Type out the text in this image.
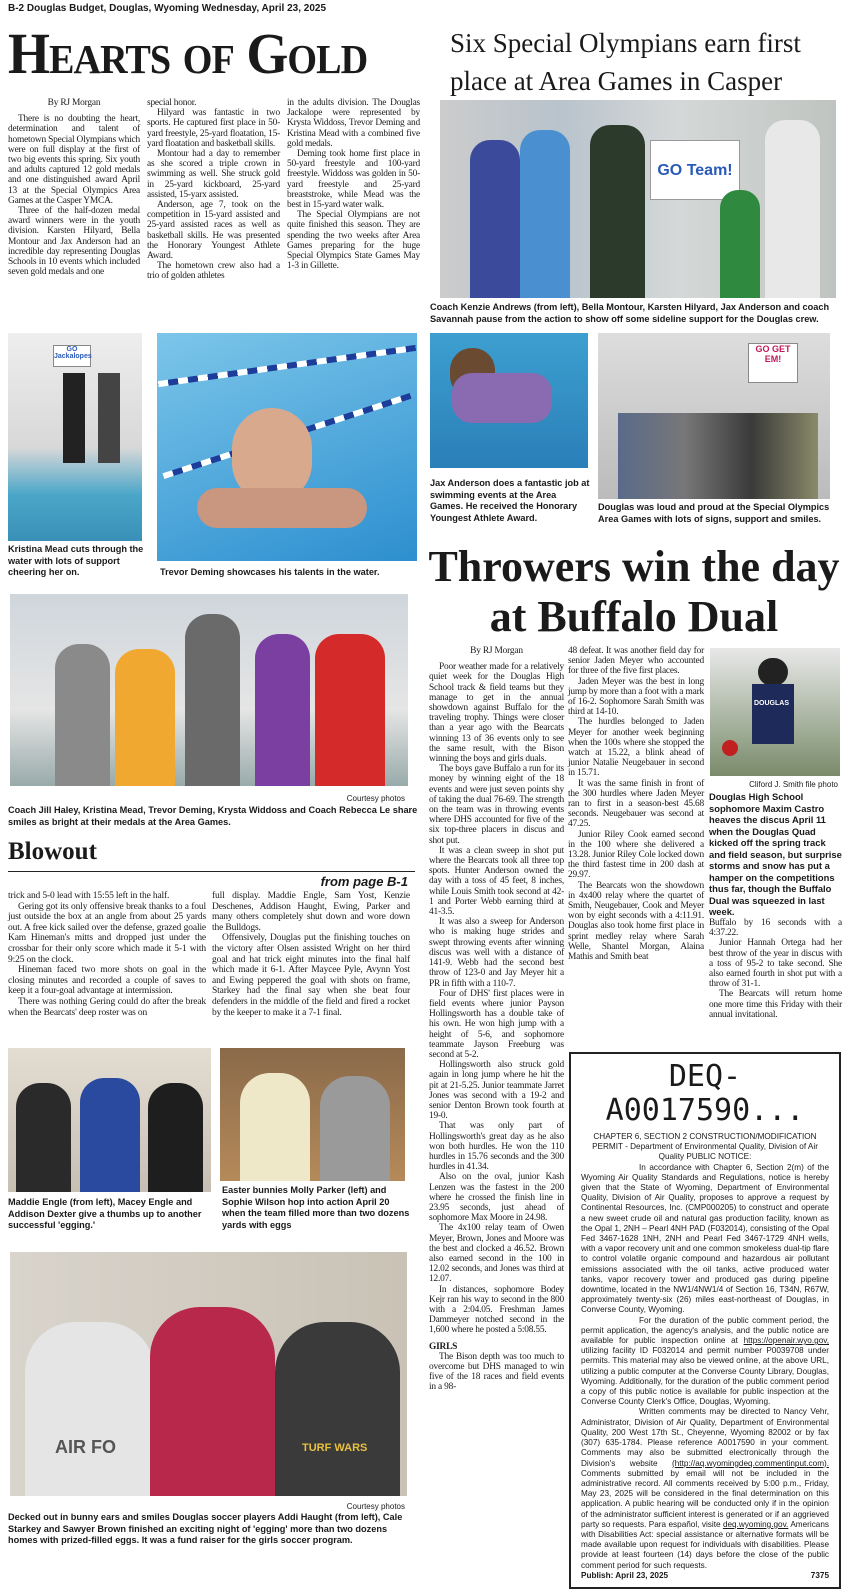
B-2 Douglas Budget, Douglas, Wyoming Wednesday, April 23, 2025
Hearts of Gold	Six Special Olympians earn first place at Area Games in Casper

By RJ Morgan

There is no doubting the heart, determination and talent of hometown Special Olympians which were on full display at the first of two big events this spring. Six youth and adults captured 12 gold medals and one distinguished award April 13 at the Special Olympics Area Games at the Casper YMCA.

Three of the half-dozen medal award winners were in the youth division. Karsten Hilyard, Bella Montour and Jax Anderson had an incredible day representing Douglas Schools in 10 events which included seven gold medals and one

special honor.

Hilyard was fantastic in two sports. He captured first place in 50-yard freestyle, 25-yard floatation, 15-yard floatation and basketball skills.

Montour had a day to remember as she scored a triple crown in swimming as well. She struck gold in 25-yard kickboard, 25-yard assisted, 15-yarx assisted.

Anderson, age 7, took on the competition in 15-yard assisted and 25-yard assisted races as well as basketball skills. He was presented the Honorary Youngest Athlete Award.

The hometown crew also had a trio of golden athletes

in the adults division. The Douglas Jackalope were represented by Krysta Widdoss, Trevor Deming and Kristina Mead with a combined five gold medals.

Deming took home first place in 50-yard freestyle and 100-yard freestyle. Widdoss was golden in 50-yard freestyle and 25-yard breaststroke, while Mead was the best in 15-yard water walk.

The Special Olympians are not quite finished this season. They are spending the two weeks after Area Games preparing for the huge Special Olympics State Games May 1-3 in Gillette.

GO Team!
Coach Kenzie Andrews (from left), Bella Montour, Karsten Hilyard, Jax Anderson and coach Savannah pause from the action to show off some sideline support for the Douglas crew.
GO Jackalopes
Kristina Mead cuts through the water with lots of support cheering her on.	Trevor Deming showcases his talents in the water.
Jax Anderson does a fantastic job at swimming events at the Area Games. He received the Honorary Youngest Athlete Award.
GO GET EM!
Douglas was loud and proud at the Special Olympics Area Games with lots of signs, support and smiles.
Courtesy photos
Coach Jill Haley, Kristina Mead, Trevor Deming, Krysta Widdoss and Coach Rebecca Le share smiles as bright at their medals at the Area Games.
Blowout
from page B-1

trick and 5-0 lead with 15:55 left in the half.

Gering got its only offensive break thanks to a foul just outside the box at an angle from about 25 yards out. A free kick sailed over the defense, grazed goalie Kam Hineman's mitts and dropped just under the crossbar for their only score which made it 5-1 with 9:25 on the clock.

Hineman faced two more shots on goal in the closing minutes and recorded a couple of saves to keep it a four-goal advantage at intermission.

There was nothing Gering could do after the break when the Bearcats' deep roster was on

full display. Maddie Engle, Sam Yost, Kenzie Deschenes, Addison Haught, Ewing, Parker and many others completely shut down and wore down the Bulldogs.

Offensively, Douglas put the finishing touches on the victory after Olsen assisted Wright on her third goal and hat trick eight minutes into the final half which made it 6-1. After Maycee Pyle, Avynn Yost and Ewing peppered the goal with shots on frame, Starkey had the final say when she beat four defenders in the middle of the field and fired a rocket by the keeper to make it a 7-1 final.

Maddie Engle (from left), Macey Engle and Addison Dexter give a thumbs up to another successful 'egging.'
Easter bunnies Molly Parker (left) and Sophie Wilson hop into action April 20 when the team filled more than two dozens yards with eggs
AIR FO	TURF WARS
Courtesy photos
Decked out in bunny ears and smiles Douglas soccer players Addi Haught (from left), Cale Starkey and Sawyer Brown finished an exciting night of 'egging' more than two dozens homes with prized-filled eggs. It was a fund raiser for the girls soccer program.
Throwers win the day at Buffalo Dual

By RJ Morgan

Poor weather made for a relatively quiet week for the Douglas High School track & field teams but they manage to get in the annual showdown against Buffalo for the traveling trophy. Things were closer than a year ago with the Bearcats winning 13 of 36 events only to see the same result, with the Bison winning the boys and girls duals.

The boys gave Buffalo a run for its money by winning eight of the 18 events and were just seven points shy of taking the dual 76-69. The strength on the team was in throwing events where DHS accounted for five of the six top-three placers in discus and shot put.

It was a clean sweep in shot put where the Bearcats took all three top spots. Hunter Anderson owned the day with a toss of 45 feet, 8 inches, while Louis Smith took second at 42-1 and Porter Webb earning third at 41-3.5.

It was also a sweep for Anderson who is making huge strides and swept throwing events after winning discus was well with a distance of 141-9. Webb had the second best throw of 123-0 and Jay Meyer hit a PR in fifth with a 110-7.

Four of DHS' first places were in field events where junior Payson Hollingsworth has a double take of his own. He won high jump with a height of 5-6, and sophomore teammate Jayson Freeburg was second at 5-2.

Hollingsworth also struck gold again in long jump where he hit the pit at 21-5.25. Junior teammate Jarret Jones was second with a 19-2 and senior Denton Brown took fourth at 19-0.

That was only part of Hollingsworth's great day as he also won both hurdles. He won the 110 hurdles in 15.76 seconds and the 300 hurdles in 41.34.

Also on the oval, junior Kash Lenzen was the fastest in the 200 where he crossed the finish line in 23.95 seconds, just ahead of sophomore Max Moore in 24.98.

The 4x100 relay team of Owen Meyer, Brown, Jones and Moore was the best and clocked a 46.52. Brown also earned second in the 100 in 12.02 seconds, and Jones was third at 12.07.

In distances, sophomore Bodey Kejr ran his way to second in the 800 with a 2:04.05. Freshman James Dammeyer notched second in the 1,600 where he posted a 5:08.55.

GIRLS

The Bison depth was too much to overcome but DHS managed to win five of the 18 races and field events in a 98-

48 defeat. It was another field day for senior Jaden Meyer who accounted for three of the five first places.

Jaden Meyer was the best in long jump by more than a foot with a mark of 16-2. Sophomore Sarah Smith was third at 14-10.

The hurdles belonged to Jaden Meyer for another week beginning when the 100s where she stopped the watch at 15.22, a blink ahead of junior Natalie Neugebauer in second in 15.71.

It was the same finish in front of the 300 hurdles where Jaden Meyer ran to first in a season-best 45.68 seconds. Neugebauer was second at 47.25.

Junior Riley Cook earned second in the 100 where she delivered a 13.28. Junior Riley Cole locked down the third fastest time in 200 dash at 29.97.

The Bearcats won the showdown in 4x400 relay where the quartet of Smith, Neugebauer, Cook and Meyer won by eight seconds with a 4:11.91. Douglas also took home first place in sprint medley relay where Sarah Welle, Shantel Morgan, Alaina Mathis and Smith beat

DOUGLAS
Cliford J. Smith file photo
Douglas High School sophomore Maxim Castro heaves the discus April 11 when the Douglas Quad kicked off the spring track and field season, but surprise storms and snow has put a hamper on the competitions thus far, though the Buffalo Dual was squeezed in last week.

Buffalo by 16 seconds with a 4:37.22.

Junior Hannah Ortega had her best throw of the year in discus with a toss of 95-2 to take second. She also earned fourth in shot put with a throw of 31-1.

The Bearcats will return home one more time this Friday with their annual invitational.

DEQ-A0017590...

CHAPTER 6, SECTION 2 CONSTRUCTION/MODIFICATION PERMIT - Department of Environmental Quality, Division of Air Quality PUBLIC NOTICE:

In accordance with Chapter 6, Section 2(m) of the Wyoming Air Quality Standards and Regulations, notice is hereby given that the State of Wyoming, Department of Environmental Quality, Division of Air Quality, proposes to approve a request by Continental Resources, Inc. (CMP000205) to construct and operate a new sweet crude oil and natural gas production facility, known as the Opal 1, 2NH – Pearl 4NH PAD (F032014), consisting of the Opal Fed 3467-1628 1NH, 2NH and Pearl Fed 3467-1729 4NH wells, with a vapor recovery unit and one common smokeless dual-tip flare to control volatile organic compound and hazardous air pollutant emissions associated with the oil tanks, active produced water tanks, vapor recovery tower and produced gas during pipeline downtime, located in the NW1/4NW1/4 of Section 16, T34N, R67W, approximately twenty-six (26) miles east-northeast of Douglas, in Converse County, Wyoming.

For the duration of the public comment period, the permit application, the agency's analysis, and the public notice are available for public inspection online at https://openair.wyo.gov, utilizing facility ID F032014 and permit number P0039708 under permits. This material may also be viewed online, at the above URL, utilizing a public computer at the Converse County Library, Douglas, Wyoming. Additionally, for the duration of the public comment period a copy of this public notice is available for public inspection at the Converse County Clerk's Office, Douglas, Wyoming.

Written comments may be directed to Nancy Vehr, Administrator, Division of Air Quality, Department of Environmental Quality, 200 West 17th St., Cheyenne, Wyoming 82002 or by fax (307) 635-1784. Please reference A0017590 in your comment. Comments may also be submitted electronically through the Division's website (http://aq.wyomingdeq.commentinput.com). Comments submitted by email will not be included in the administrative record. All comments received by 5:00 p.m., Friday, May 23, 2025 will be considered in the final determination on this application. A public hearing will be conducted only if in the opinion of the administrator sufficient interest is generated or if an aggrieved party so requests. Para español, visite deq.wyoming.gov. Americans with Disabilities Act: special assistance or alternative formats will be made available upon request for individuals with disabilities. Please provide at least fourteen (14) days before the close of the public comment period for such requests.

Publish: April 23, 2025	7375
